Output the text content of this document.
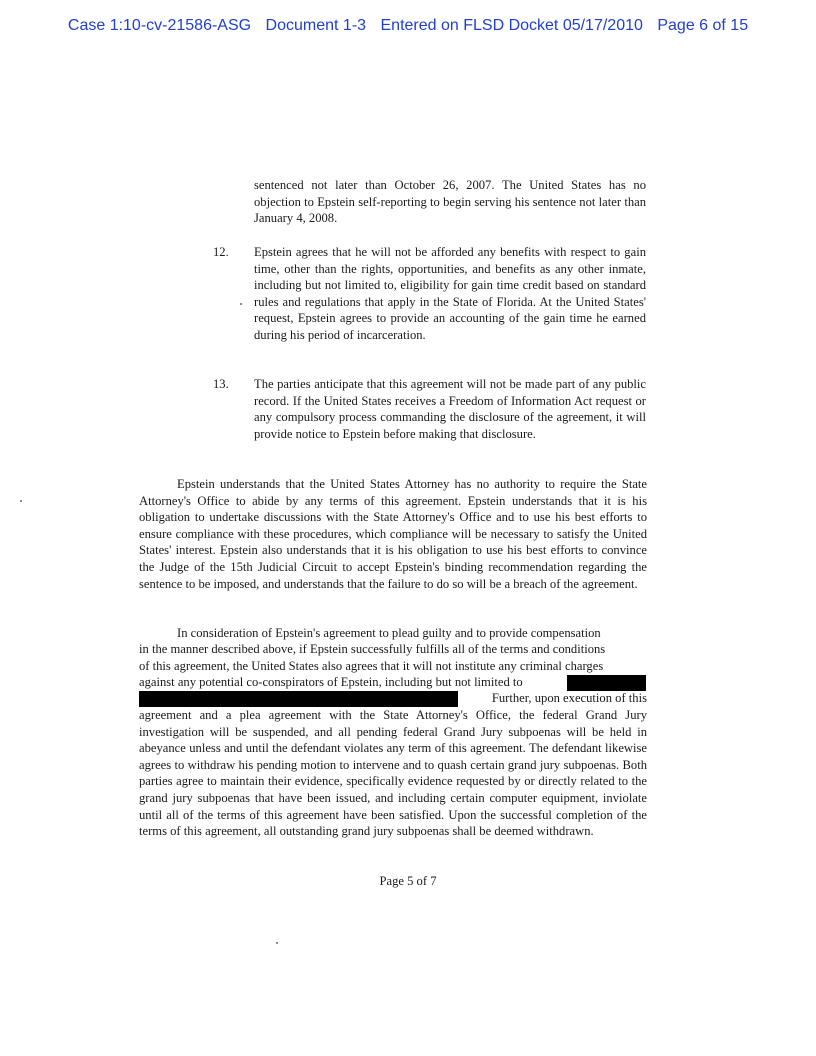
Case 1:10-cv-21586-ASG Document 1-3 Entered on FLSD Docket 05/17/2010 Page 6 of 15
sentenced not later than October 26, 2007. The United States has no objection to Epstein self-reporting to begin serving his sentence not later than January 4, 2008.
12. Epstein agrees that he will not be afforded any benefits with respect to gain time, other than the rights, opportunities, and benefits as any other inmate, including but not limited to, eligibility for gain time credit based on standard rules and regulations that apply in the State of Florida. At the United States' request, Epstein agrees to provide an accounting of the gain time he earned during his period of incarceration.
13. The parties anticipate that this agreement will not be made part of any public record. If the United States receives a Freedom of Information Act request or any compulsory process commanding the disclosure of the agreement, it will provide notice to Epstein before making that disclosure.
Epstein understands that the United States Attorney has no authority to require the State Attorney's Office to abide by any terms of this agreement. Epstein understands that it is his obligation to undertake discussions with the State Attorney's Office and to use his best efforts to ensure compliance with these procedures, which compliance will be necessary to satisfy the United States' interest. Epstein also understands that it is his obligation to use his best efforts to convince the Judge of the 15th Judicial Circuit to accept Epstein's binding recommendation regarding the sentence to be imposed, and understands that the failure to do so will be a breach of the agreement.
In consideration of Epstein's agreement to plead guilty and to provide compensation
in the manner described above, if Epstein successfully fulfills all of the terms and conditions
of this agreement, the United States also agrees that it will not institute any criminal charges
against any potential co-conspirators of Epstein, including but not limited to
Further, upon execution of this
agreement and a plea agreement with the State Attorney's Office, the federal Grand Jury investigation will be suspended, and all pending federal Grand Jury subpoenas will be held in abeyance unless and until the defendant violates any term of this agreement. The defendant likewise agrees to withdraw his pending motion to intervene and to quash certain grand jury subpoenas. Both parties agree to maintain their evidence, specifically evidence requested by or directly related to the grand jury subpoenas that have been issued, and including certain computer equipment, inviolate until all of the terms of this agreement have been satisfied. Upon the successful completion of the terms of this agreement, all outstanding grand jury subpoenas shall be deemed withdrawn.
Page 5 of 7
